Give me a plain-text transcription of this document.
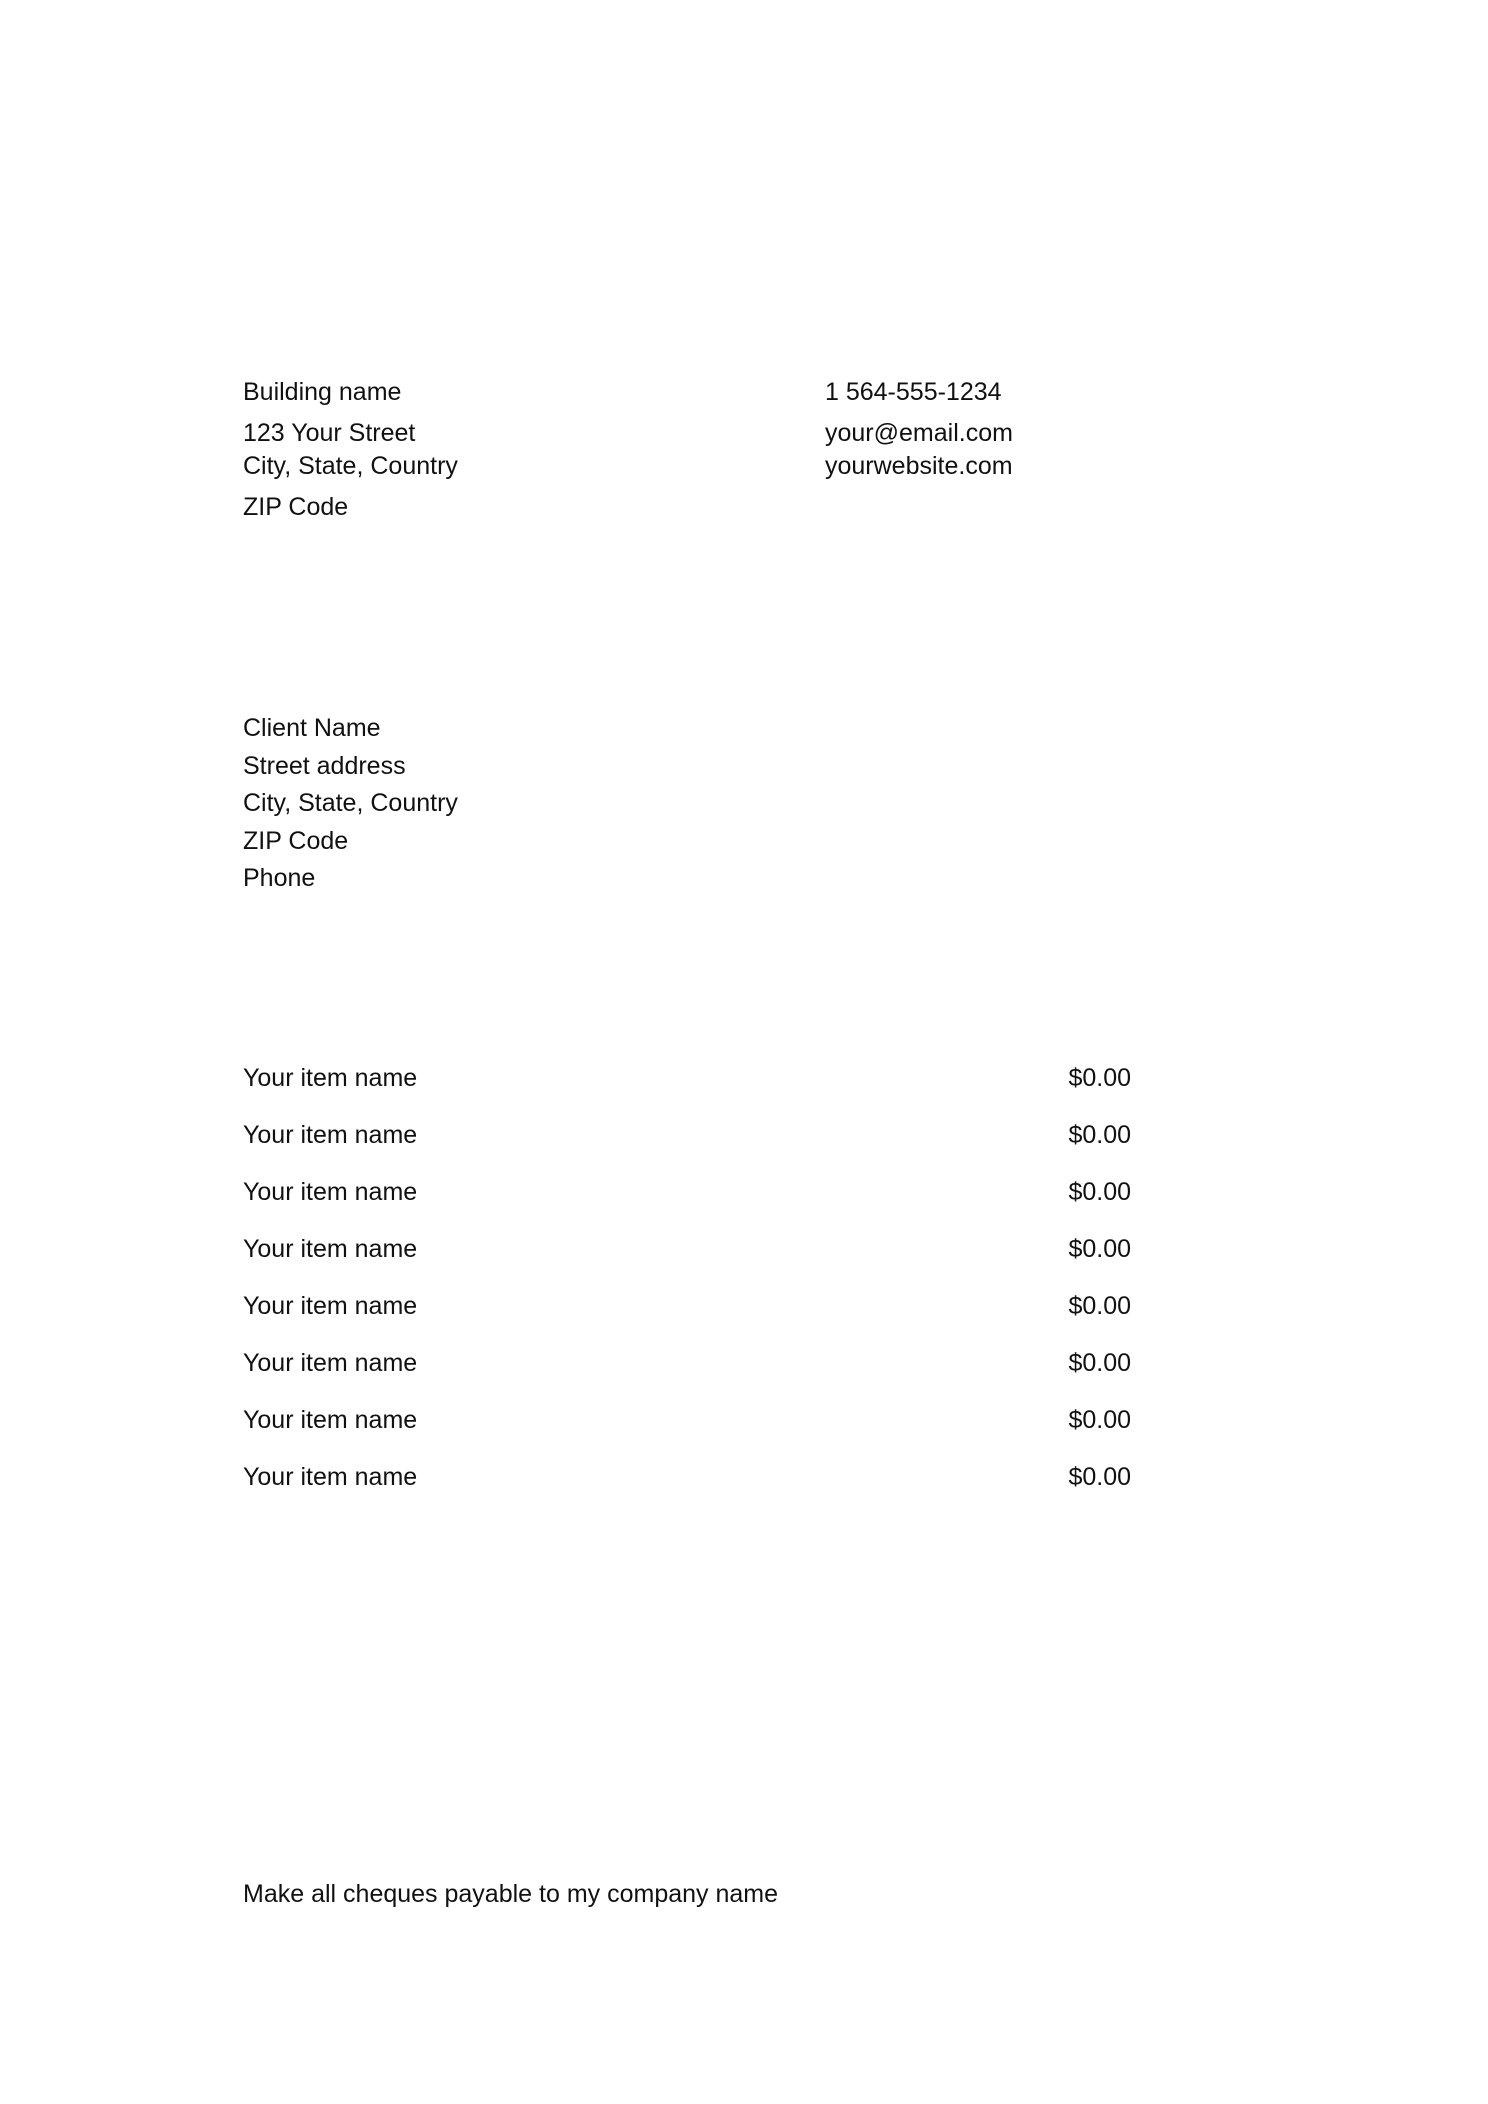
Building name
123 Your Street
City, State, Country
ZIP Code
1 564-555-1234
your@email.com
yourwebsite.com
Client Name
Street address
City, State, Country
ZIP Code
Phone
Your item name	$0.00
Your item name	$0.00
Your item name	$0.00
Your item name	$0.00
Your item name	$0.00
Your item name	$0.00
Your item name	$0.00
Your item name	$0.00
Make all cheques payable to my company name
